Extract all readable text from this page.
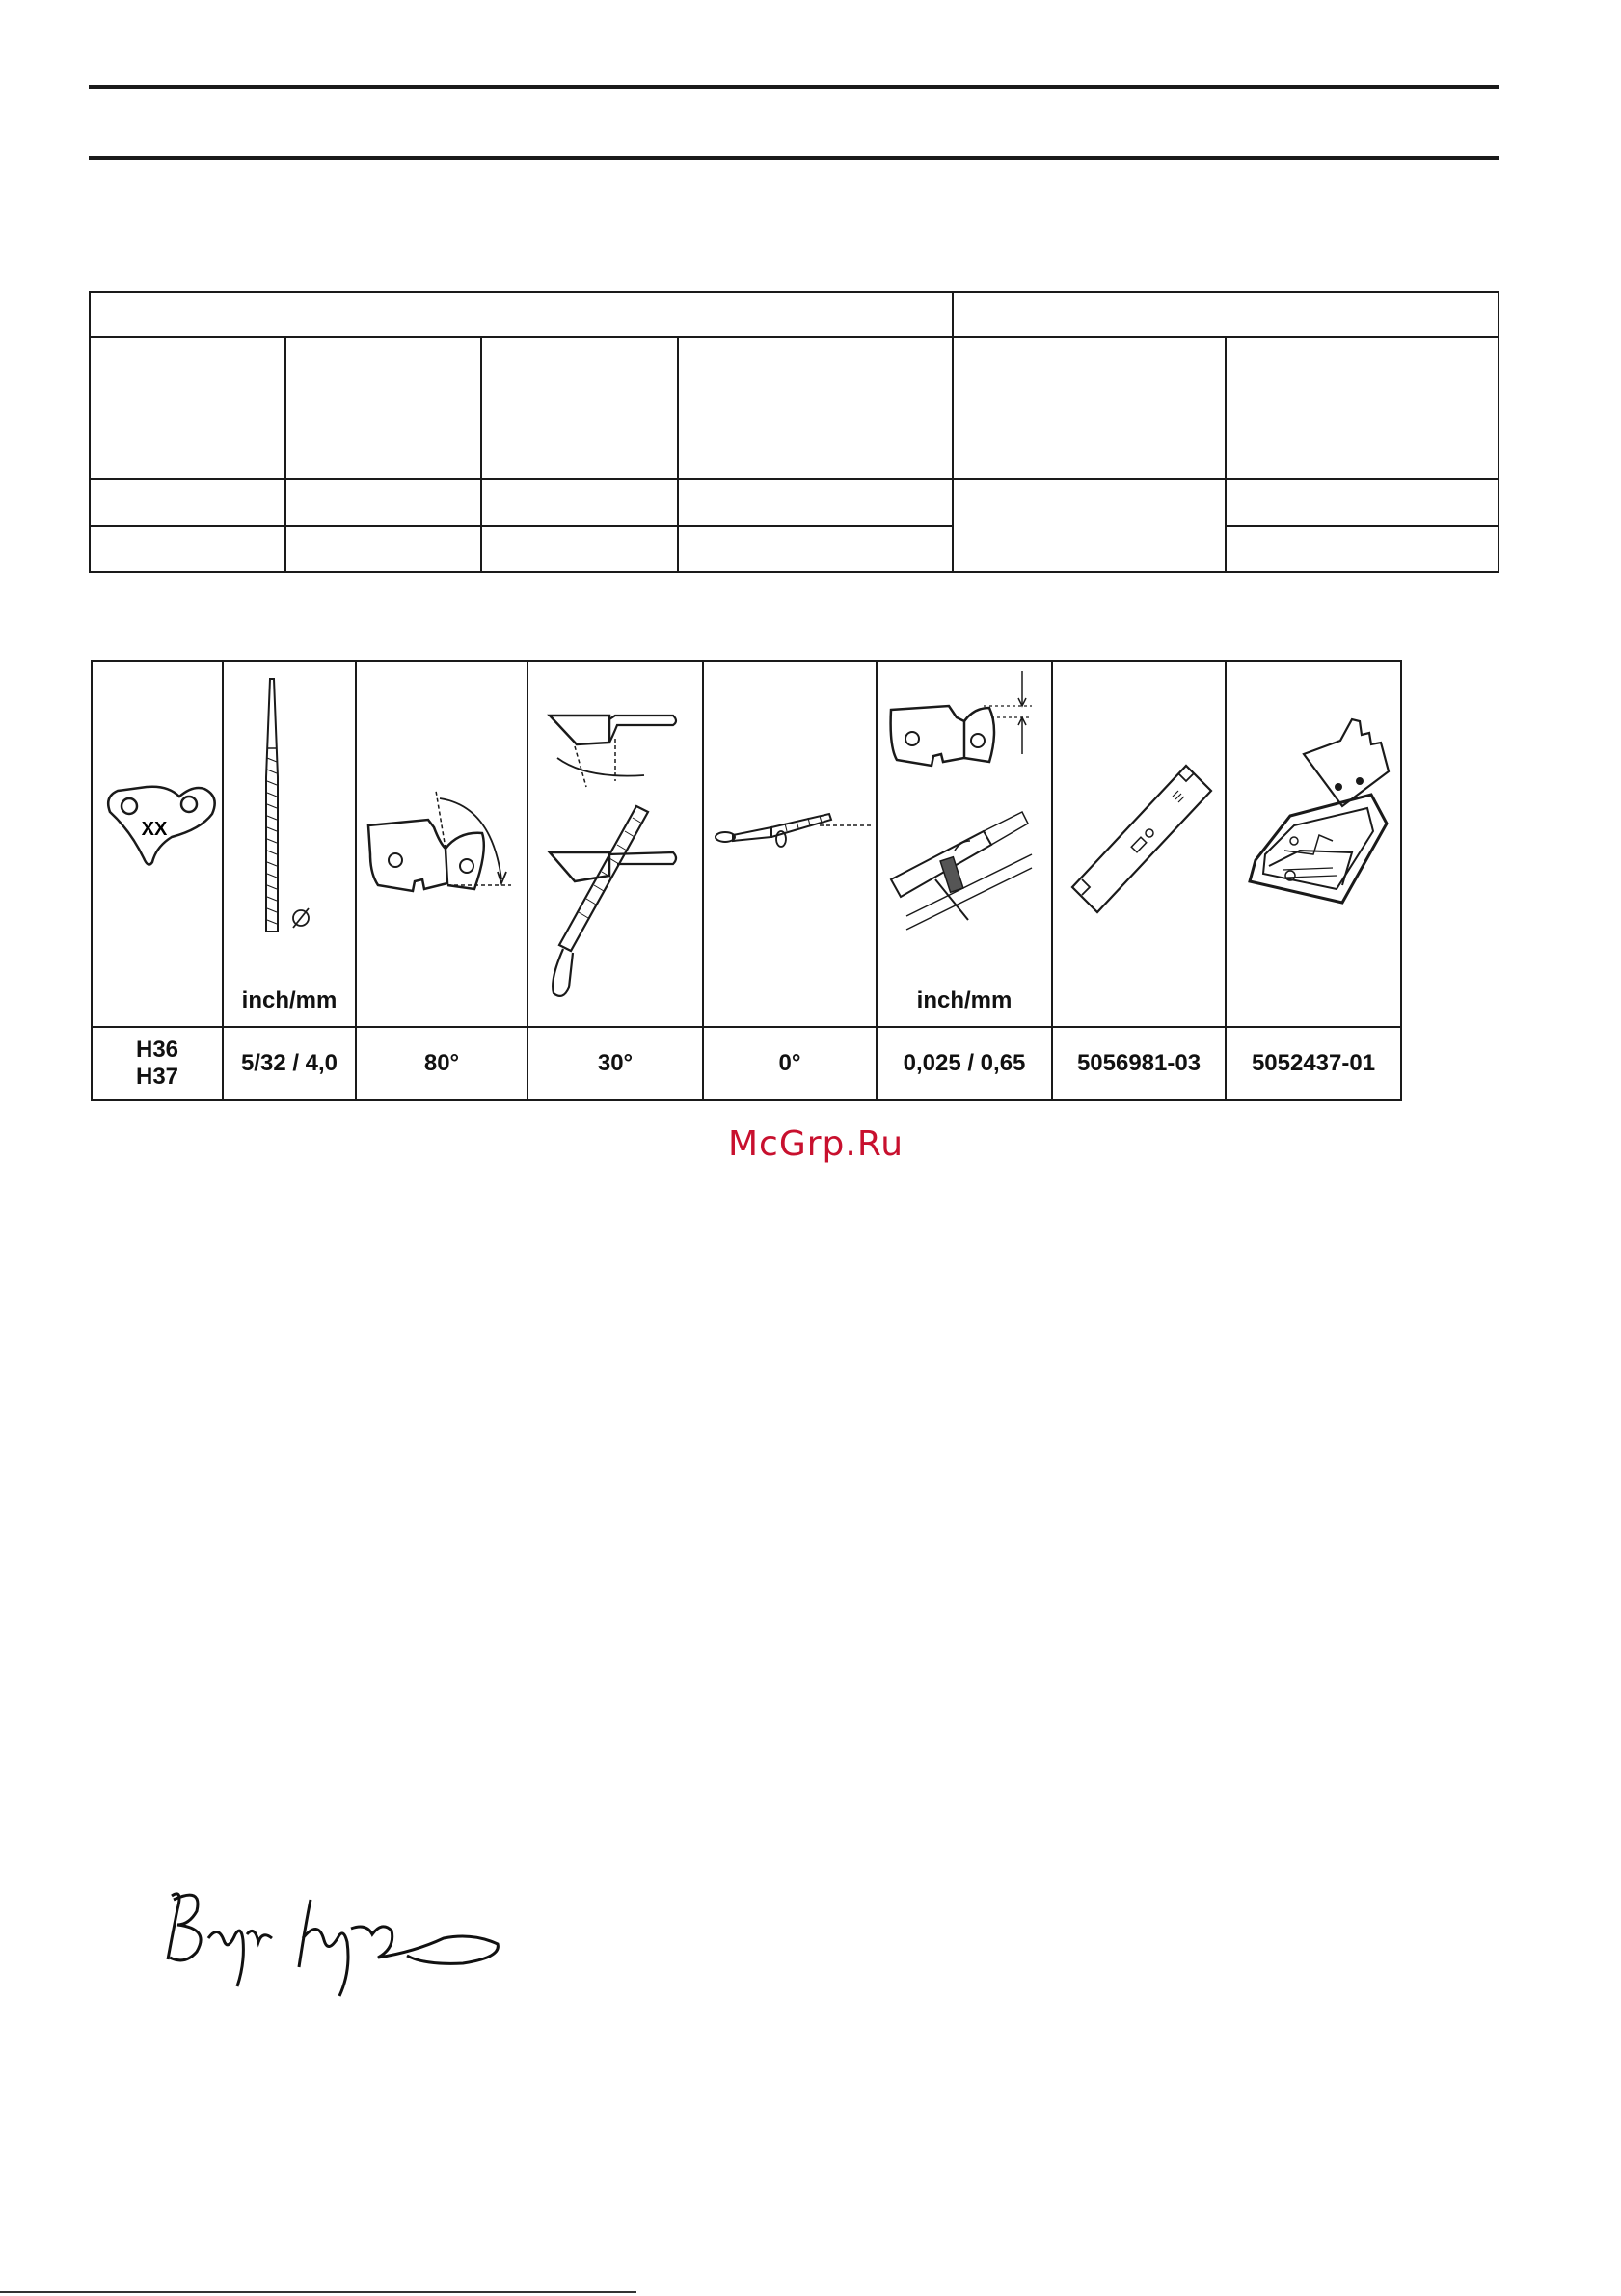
XX	inch/mm				inch/mm

H36
H37	5/32 / 4,0	80°	30°	0°	0,025 / 0,65	5056981-03	5052437-01
McGrp.Ru
